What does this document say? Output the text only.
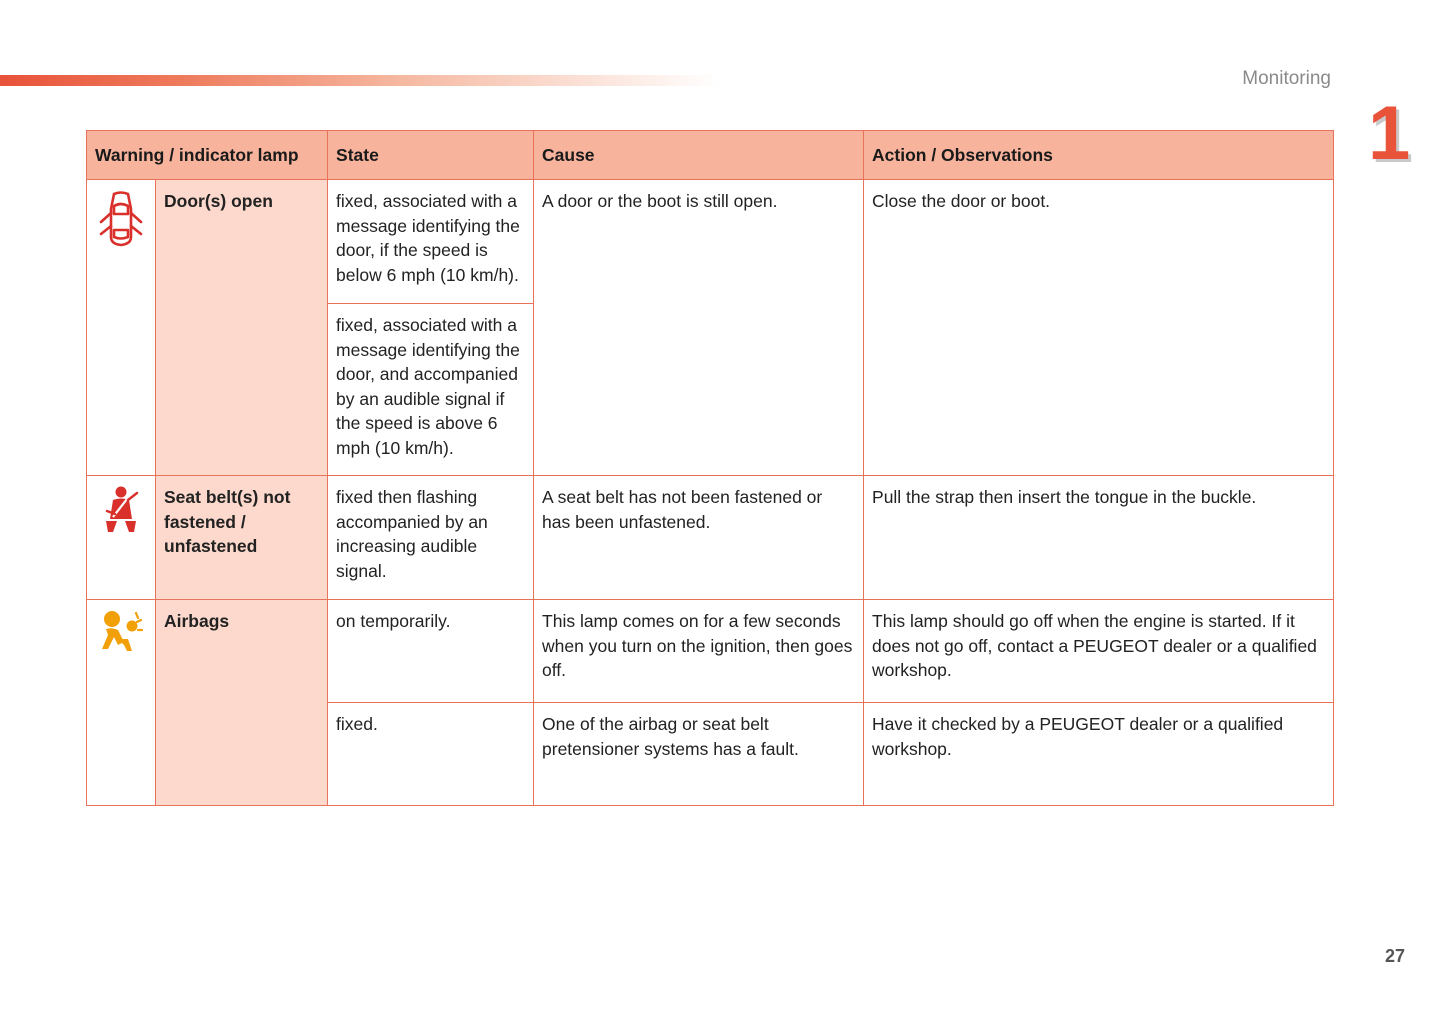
Monitoring
1
Warning / indicator lamp		State	Cause	Action / Observations

	Door(s) open	fixed, associated with a message identifying the door, if the speed is below 6 mph (10 km/h).	A door or the boot is still open.	Close the door or boot.
		fixed, associated with a message identifying the door, and accompanied by an audible signal if the speed is above 6 mph (10 km/h).		

	Seat belt(s) not fastened / unfastened	fixed then flashing accompanied by an increasing audible signal.	A seat belt has not been fastened or has been unfastened.	Pull the strap then insert the tongue in the buckle.

	Airbags	on temporarily.	This lamp comes on for a few seconds when you turn on the ignition, then goes off.	This lamp should go off when the engine is started. If it does not go off, contact a PEUGEOT dealer or a qualified workshop.
		fixed.	One of the airbag or seat belt pretensioner systems has a fault.	Have it checked by a PEUGEOT dealer or a qualified workshop.
27
